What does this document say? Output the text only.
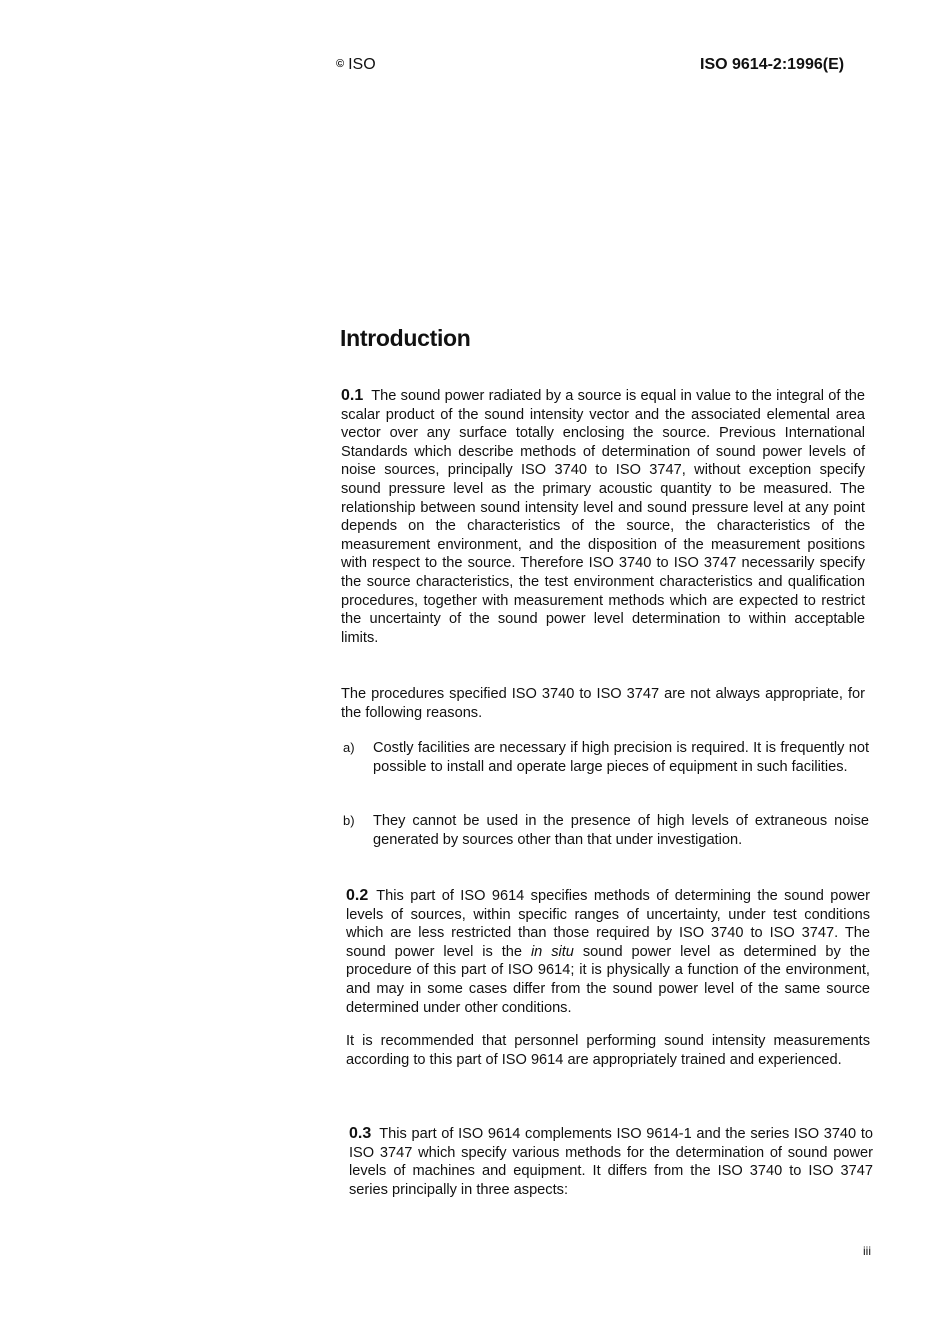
© ISO	ISO 9614-2:1996(E)
Introduction

0.1 The sound power radiated by a source is equal in value to the integral of the scalar product of the sound intensity vector and the associated elemental area vector over any surface totally enclosing the source. Previous International Standards which describe methods of determination of sound power levels of noise sources, principally ISO 3740 to ISO 3747, without exception specify sound pressure level as the primary acoustic quantity to be measured. The relationship between sound intensity level and sound pressure level at any point depends on the characteristics of the source, the characteristics of the measurement environment, and the disposition of the measurement positions with respect to the source. Therefore ISO 3740 to ISO 3747 necessarily specify the source characteristics, the test environment characteristics and qualification procedures, together with measurement methods which are expected to restrict the uncertainty of the sound power level determination to within acceptable limits.

The procedures specified ISO 3740 to ISO 3747 are not always appropriate, for the following reasons.

a) Costly facilities are necessary if high precision is required. It is frequently not possible to install and operate large pieces of equipment in such facilities.
b) They cannot be used in the presence of high levels of extraneous noise generated by sources other than that under investigation.

0.2 This part of ISO 9614 specifies methods of determining the sound power levels of sources, within specific ranges of uncertainty, under test conditions which are less restricted than those required by ISO 3740 to ISO 3747. The sound power level is the in situ sound power level as determined by the procedure of this part of ISO 9614; it is physically a function of the environment, and may in some cases differ from the sound power level of the same source determined under other conditions.

It is recommended that personnel performing sound intensity measurements according to this part of ISO 9614 are appropriately trained and experienced.

0.3 This part of ISO 9614 complements ISO 9614-1 and the series ISO 3740 to ISO 3747 which specify various methods for the determination of sound power levels of machines and equipment. It differs from the ISO 3740 to ISO 3747 series principally in three aspects:

iii
